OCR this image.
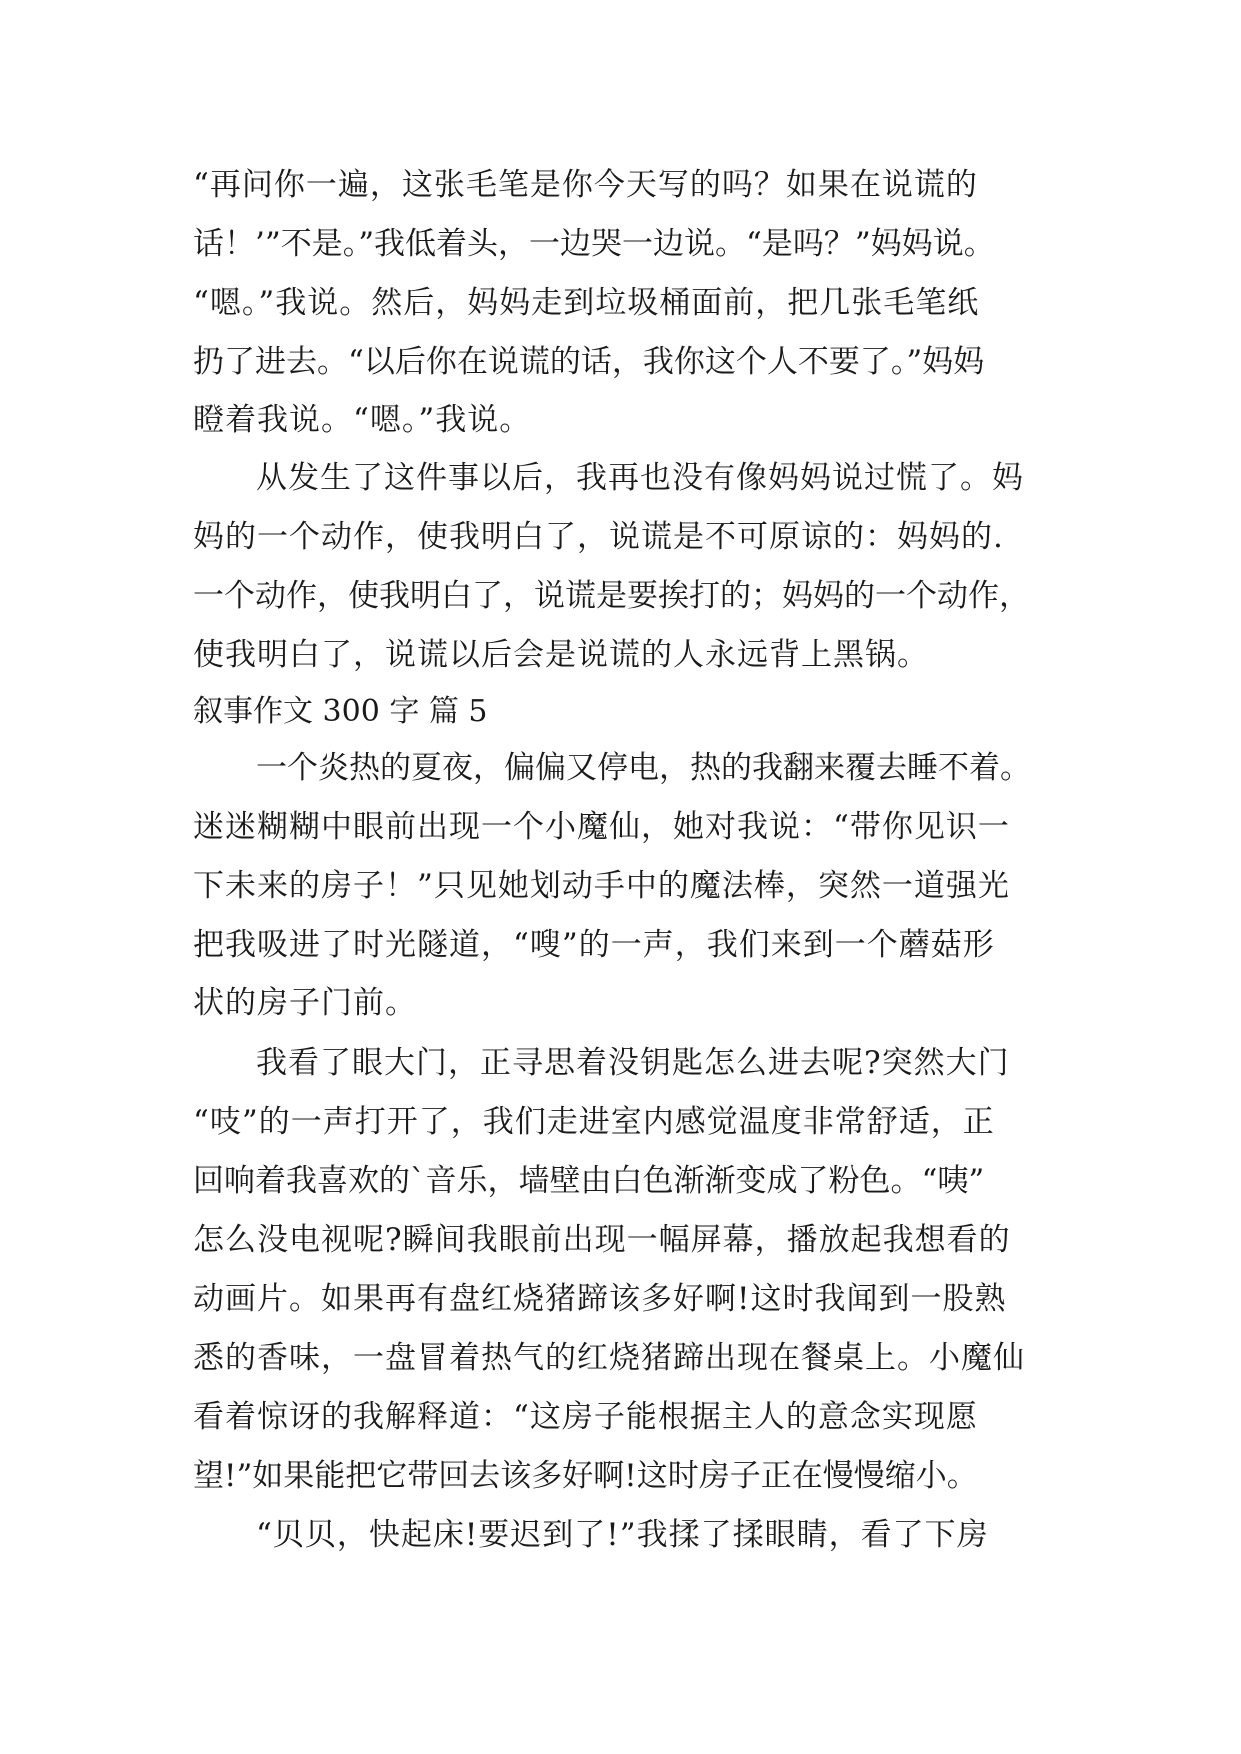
“再问你一遍，这张毛笔是你今天写的吗？如果在说谎的
话！’”不是。”我低着头，一边哭一边说。“是吗？”妈妈说。
“嗯。”我说。然后，妈妈走到垃圾桶面前，把几张毛笔纸
扔了进去。“以后你在说谎的话，我你这个人不要了。”妈妈
瞪着我说。“嗯。”我说。
从发生了这件事以后，我再也没有像妈妈说过慌了。妈
妈的一个动作，使我明白了，说谎是不可原谅的：妈妈的.
一个动作，使我明白了，说谎是要挨打的；妈妈的一个动作，
使我明白了，说谎以后会是说谎的人永远背上黑锅。
叙事作文 300 字 篇 5
一个炎热的夏夜，偏偏又停电，热的我翻来覆去睡不着。
迷迷糊糊中眼前出现一个小魔仙，她对我说：“带你见识一
下未来的房子！”只见她划动手中的魔法棒，突然一道强光
把我吸进了时光隧道，“嗖”的一声，我们来到一个蘑菇形
状的房子门前。
我看了眼大门，正寻思着没钥匙怎么进去呢?突然大门
“吱”的一声打开了，我们走进室内感觉温度非常舒适，正
回响着我喜欢的`音乐，墙壁由白色渐渐变成了粉色。“咦”
怎么没电视呢?瞬间我眼前出现一幅屏幕，播放起我想看的
动画片。如果再有盘红烧猪蹄该多好啊!这时我闻到一股熟
悉的香味，一盘冒着热气的红烧猪蹄出现在餐桌上。小魔仙
看着惊讶的我解释道：“这房子能根据主人的意念实现愿
望!”如果能把它带回去该多好啊!这时房子正在慢慢缩小。
“贝贝，快起床!要迟到了!”我揉了揉眼睛，看了下房
